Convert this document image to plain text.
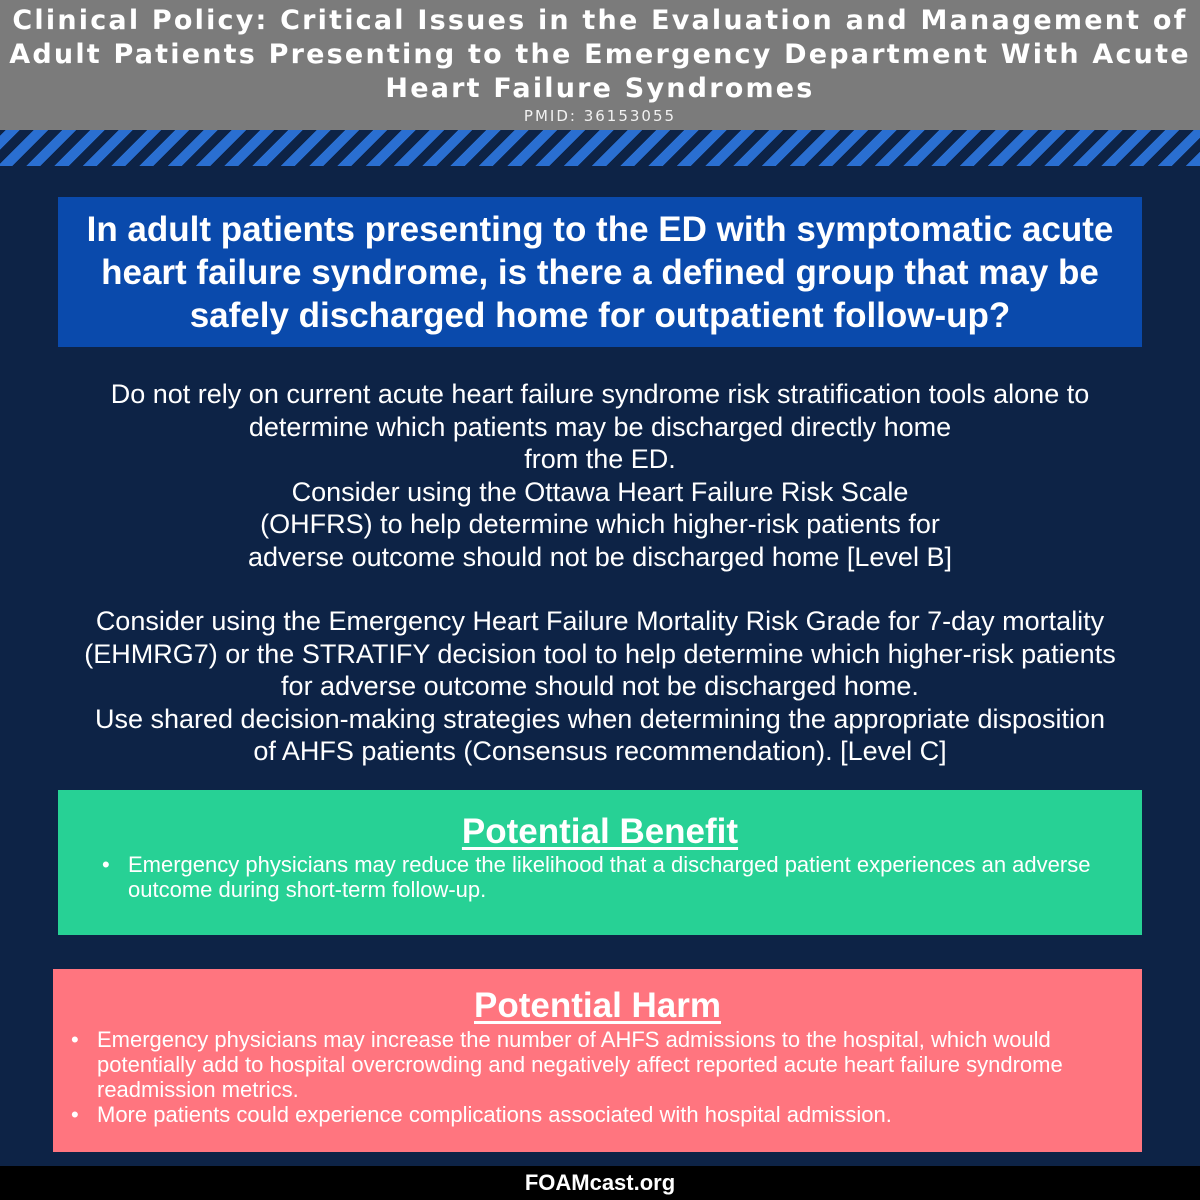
Clinical Policy: Critical Issues in the Evaluation and Management of Adult Patients Presenting to the Emergency Department With Acute Heart Failure Syndromes
PMID: 36153055

In adult patients presenting to the ED with symptomatic acute heart failure syndrome, is there a defined group that may be safely discharged home for outpatient follow-up?

Do not rely on current acute heart failure syndrome risk stratification tools alone to

determine which patients may be discharged directly home

from the ED.

Consider using the Ottawa Heart Failure Risk Scale

(OHFRS) to help determine which higher-risk patients for

adverse outcome should not be discharged home [Level B]

Consider using the Emergency Heart Failure Mortality Risk Grade for 7-day mortality

(EHMRG7) or the STRATIFY decision tool to help determine which higher-risk patients

for adverse outcome should not be discharged home.

Use shared decision-making strategies when determining the appropriate disposition

of AHFS patients (Consensus recommendation). [Level C]

Potential Benefit
• Emergency physicians may reduce the likelihood that a discharged patient experiences an adverse outcome during short-term follow-up.
Potential Harm
• Emergency physicians may increase the number of AHFS admissions to the hospital, which would potentially add to hospital overcrowding and negatively affect reported acute heart failure syndrome readmission metrics.
• More patients could experience complications associated with hospital admission.
FOAMcast.org
